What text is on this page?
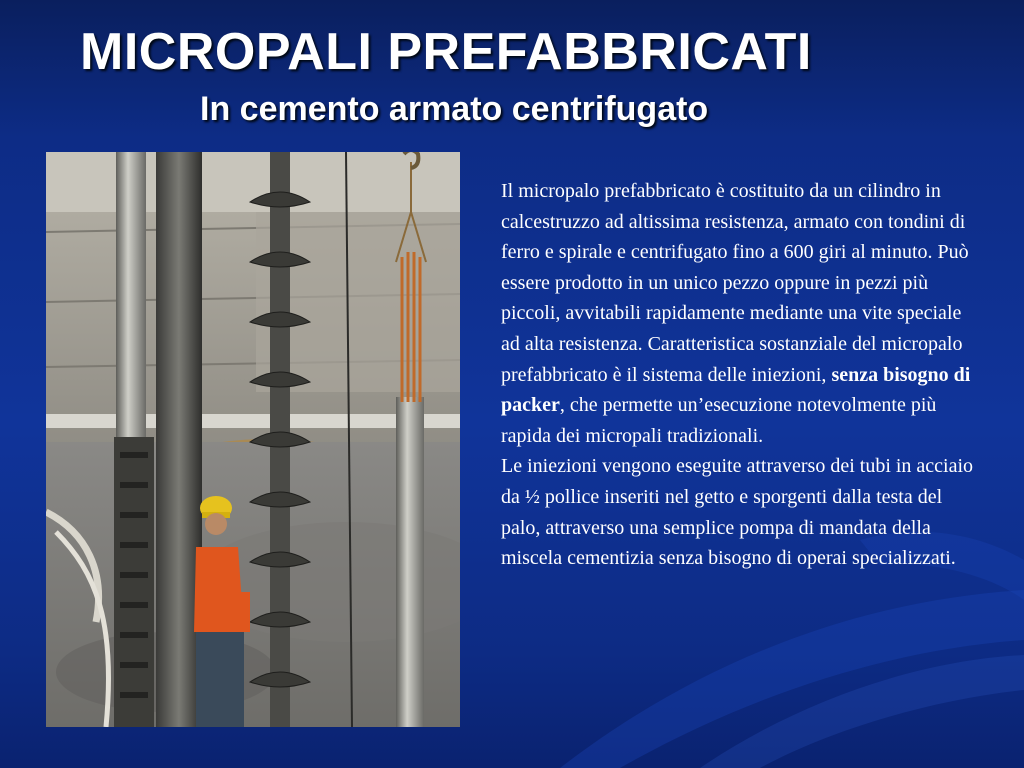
MICROPALI PREFABBRICATI
In cemento armato centrifugato

Il micropalo prefabbricato è costituito da un cilindro in calcestruzzo ad altissima resistenza, armato con tondini di ferro e spirale e centrifugato fino a 600 giri al minuto. Può essere prodotto in un unico pezzo oppure in pezzi più piccoli, avvitabili rapidamente mediante una vite speciale ad alta resistenza. Caratteristica sostanziale del micropalo prefabbricato è il sistema delle iniezioni, senza bisogno di packer, che permette un’esecuzione notevolmente più rapida dei micropali tradizionali.

Le iniezioni vengono eseguite attraverso dei tubi in acciaio da ½ pollice inseriti nel getto e sporgenti dalla testa del palo, attraverso una semplice pompa di mandata della miscela cementizia senza bisogno di operai specializzati.
